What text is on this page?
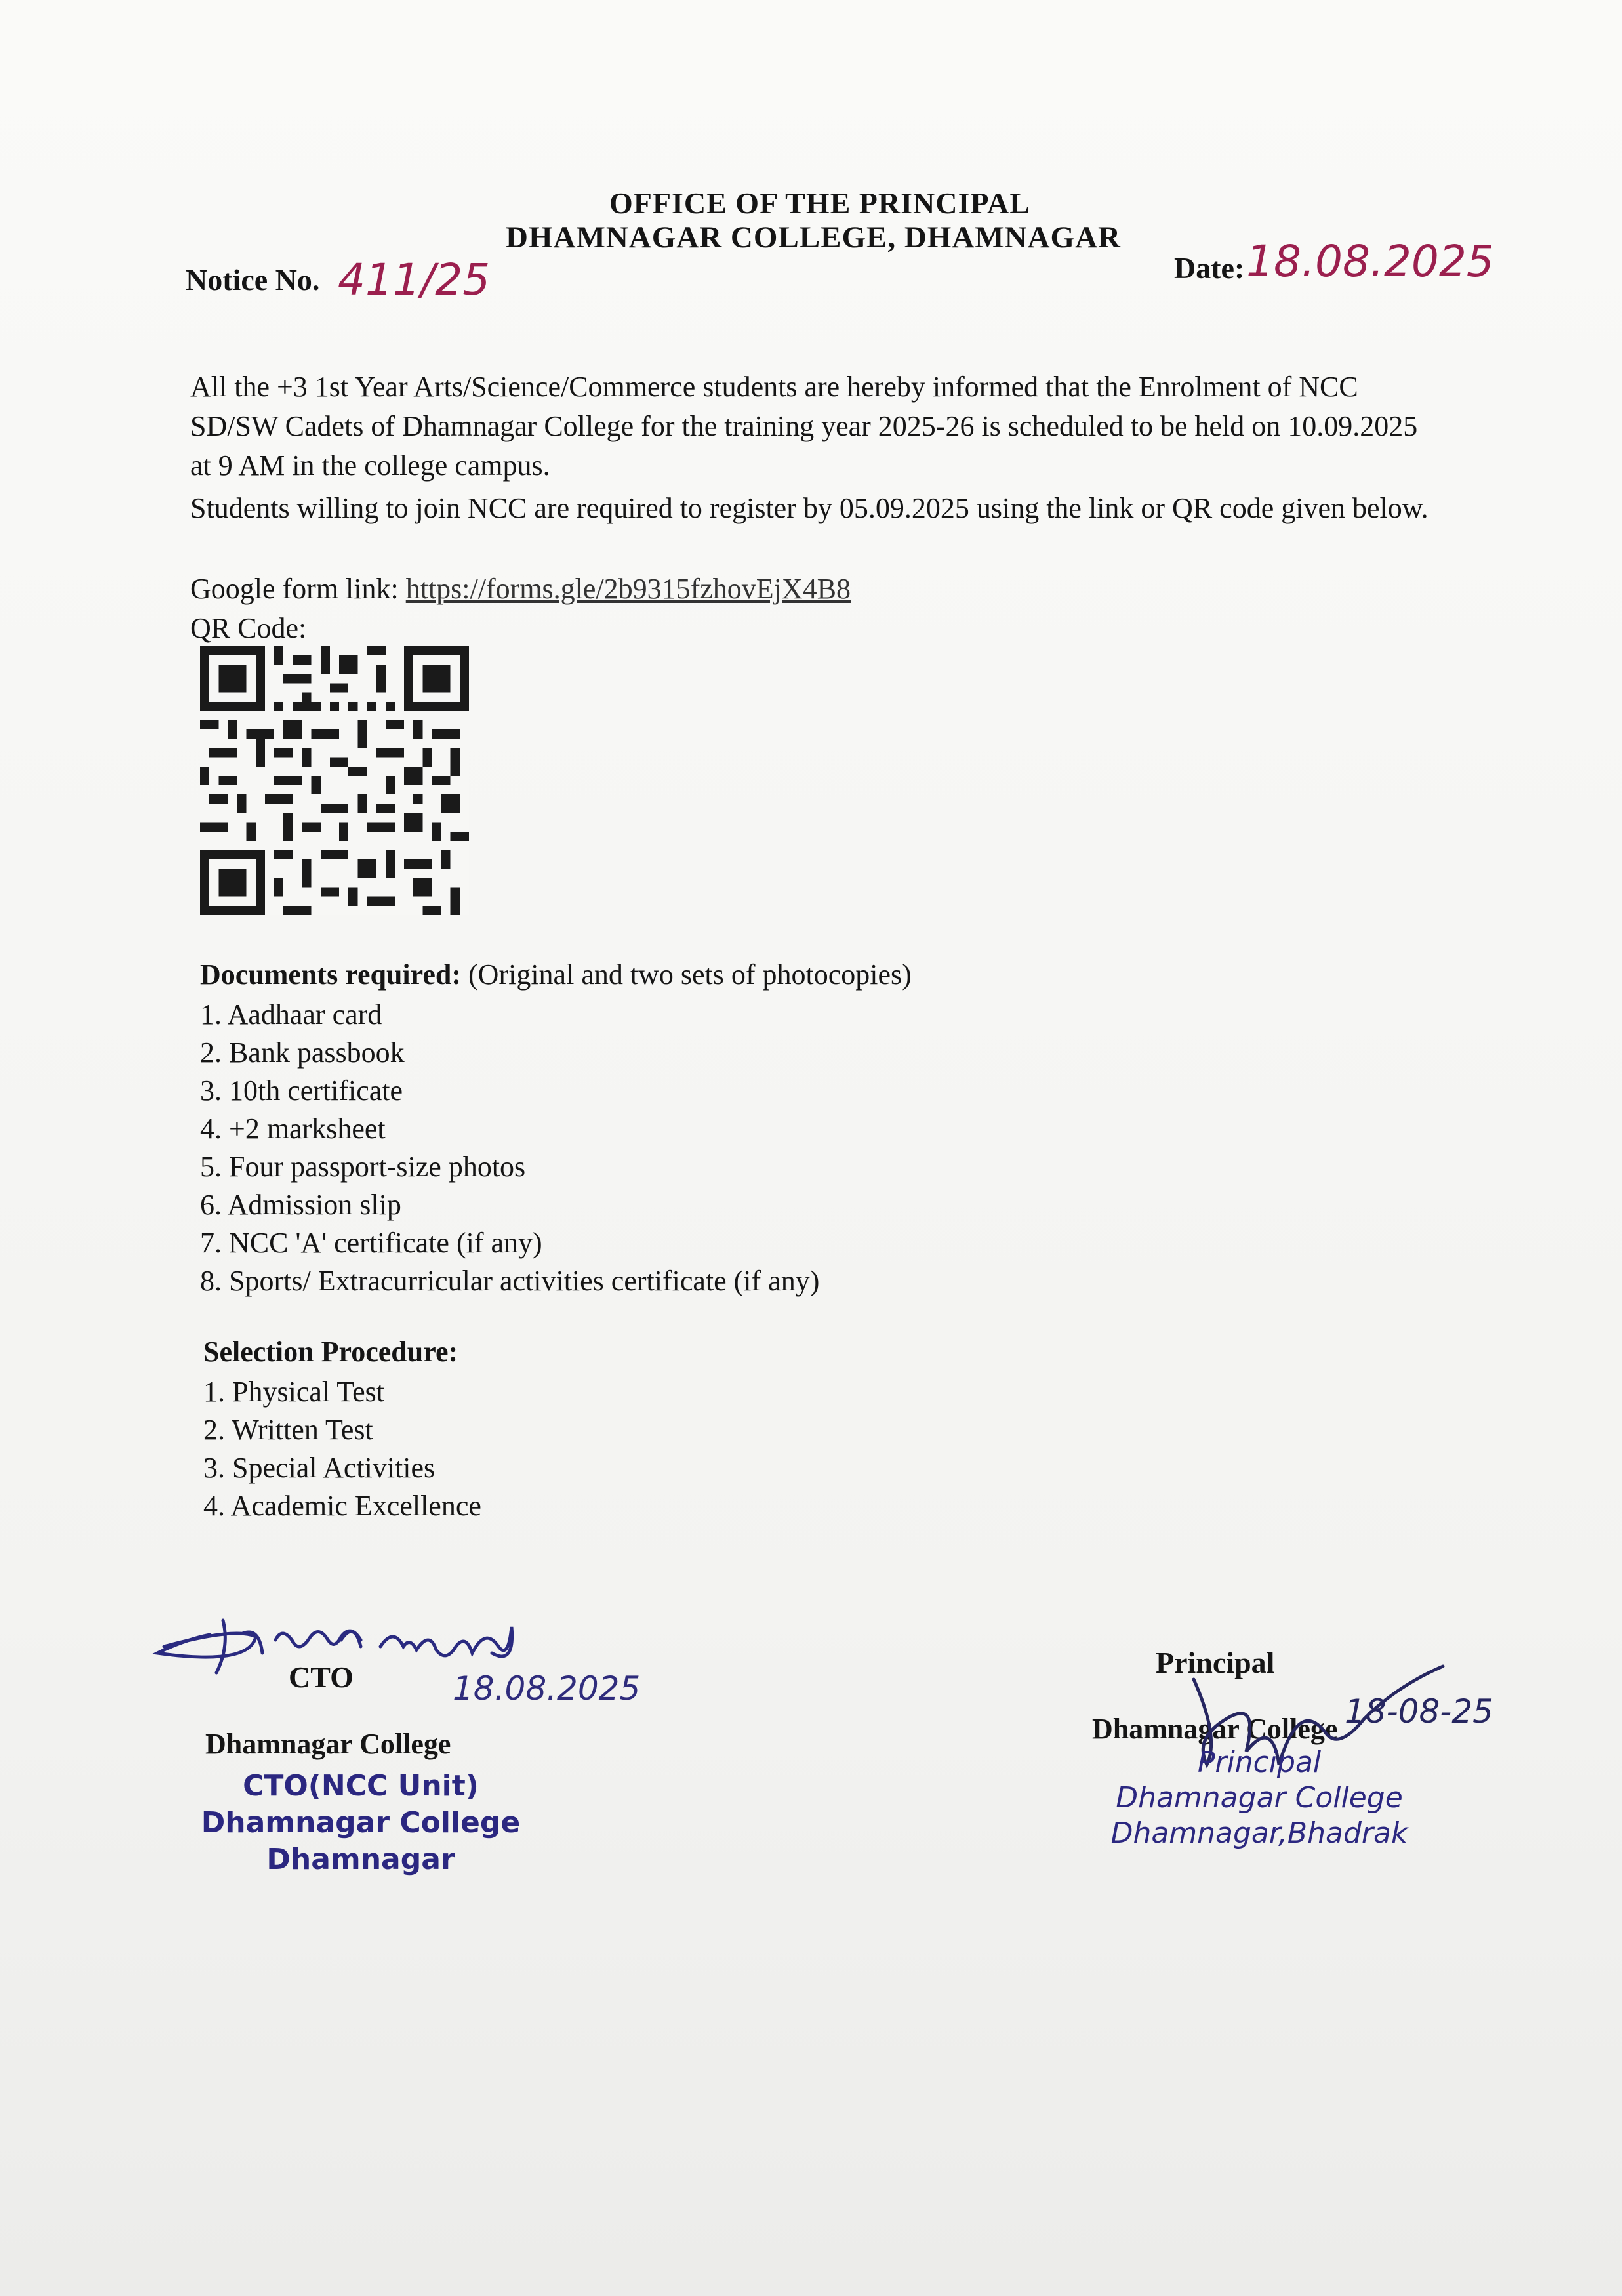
OFFICE OF THE PRINCIPAL
DHAMNAGAR COLLEGE, DHAMNAGAR
Notice No. 411/25	Date: 18.08.2025
All the +3 1st Year Arts/Science/Commerce students are hereby informed that the Enrolment of NCC SD/SW Cadets of Dhamnagar College for the training year 2025-26 is scheduled to be held on 10.09.2025 at 9 AM in the college campus.
Students willing to join NCC are required to register by 05.09.2025 using the link or QR code given below.
Google form link: https://forms.gle/2b9315fzhovEjX4B8
QR Code:
Documents required: (Original and two sets of photocopies)
1. Aadhaar card
2. Bank passbook
3. 10th certificate
4. +2 marksheet
5. Four passport-size photos
6. Admission slip
7. NCC 'A' certificate (if any)
8. Sports/ Extracurricular activities certificate (if any)
Selection Procedure:
1. Physical Test
2. Written Test
3. Special Activities
4. Academic Excellence
18.08.2025
CTO
Dhamnagar College
CTO(NCC Unit)
Dhamnagar College
Dhamnagar
Principal
Dhamnagar College 18-08-25
Principal
Dhamnagar College
Dhamnagar,Bhadrak
